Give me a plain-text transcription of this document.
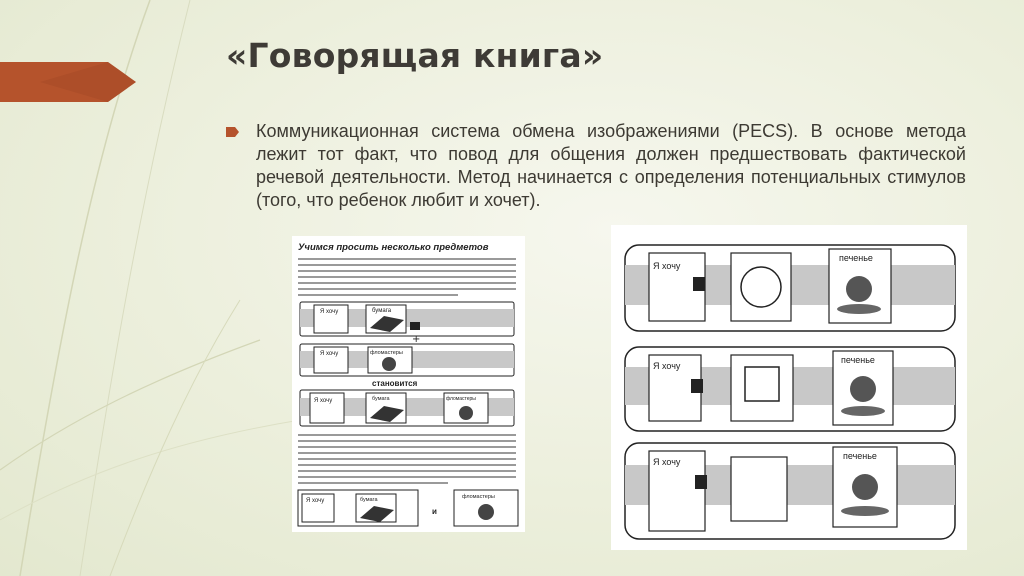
«Говорящая книга»

Коммуникационная система обмена изображениями (PECS). В основе метода лежит тот факт, что повод для общения должен предшествовать фактической речевой деятельности. Метод начинается с определения потенциальных стимулов (того, что ребенок любит и хочет).

Учимся просить несколько предметов
Я хочу	бумага
+
Я хочу	фломастеры
становится
Я хочу	бумага	фломастеры
Я хочу	бумага	фломастеры
и
Я хочу
печенье
Я хочу
печенье
Я хочу
печенье
